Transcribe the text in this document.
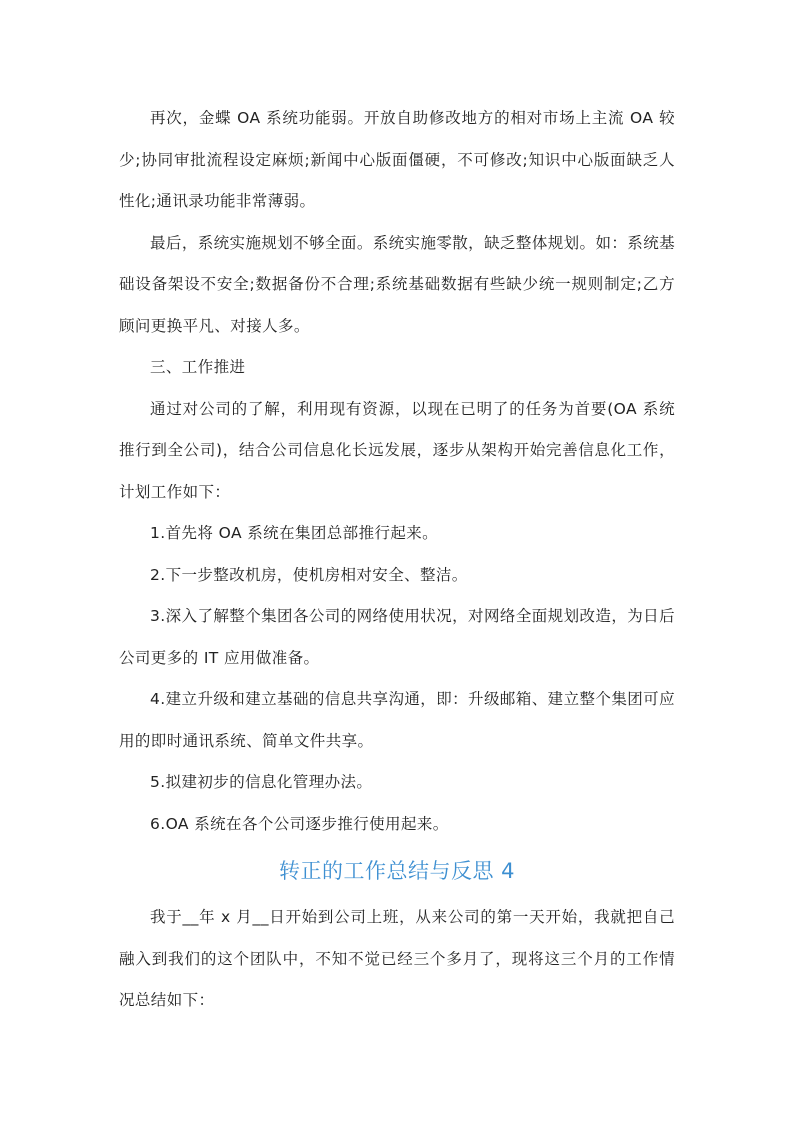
再次，金蝶 OA 系统功能弱。开放自助修改地方的相对市场上主流 OA 较少;协同审批流程设定麻烦;新闻中心版面僵硬，不可修改;知识中心版面缺乏人性化;通讯录功能非常薄弱。

最后，系统实施规划不够全面。系统实施零散，缺乏整体规划。如：系统基础设备架设不安全;数据备份不合理;系统基础数据有些缺少统一规则制定;乙方顾问更换平凡、对接人多。

三、工作推进

通过对公司的了解，利用现有资源，以现在已明了的任务为首要(OA 系统推行到全公司)，结合公司信息化长远发展，逐步从架构开始完善信息化工作，计划工作如下：

1.首先将 OA 系统在集团总部推行起来。

2.下一步整改机房，使机房相对安全、整洁。

3.深入了解整个集团各公司的网络使用状况，对网络全面规划改造，为日后公司更多的 IT 应用做准备。

4.建立升级和建立基础的信息共享沟通，即：升级邮箱、建立整个集团可应用的即时通讯系统、简单文件共享。

5.拟建初步的信息化管理办法。

6.OA 系统在各个公司逐步推行使用起来。

转正的工作总结与反思 4

我于__年 x 月__日开始到公司上班，从来公司的第一天开始，我就把自己融入到我们的这个团队中，不知不觉已经三个多月了，现将这三个月的工作情况总结如下：
